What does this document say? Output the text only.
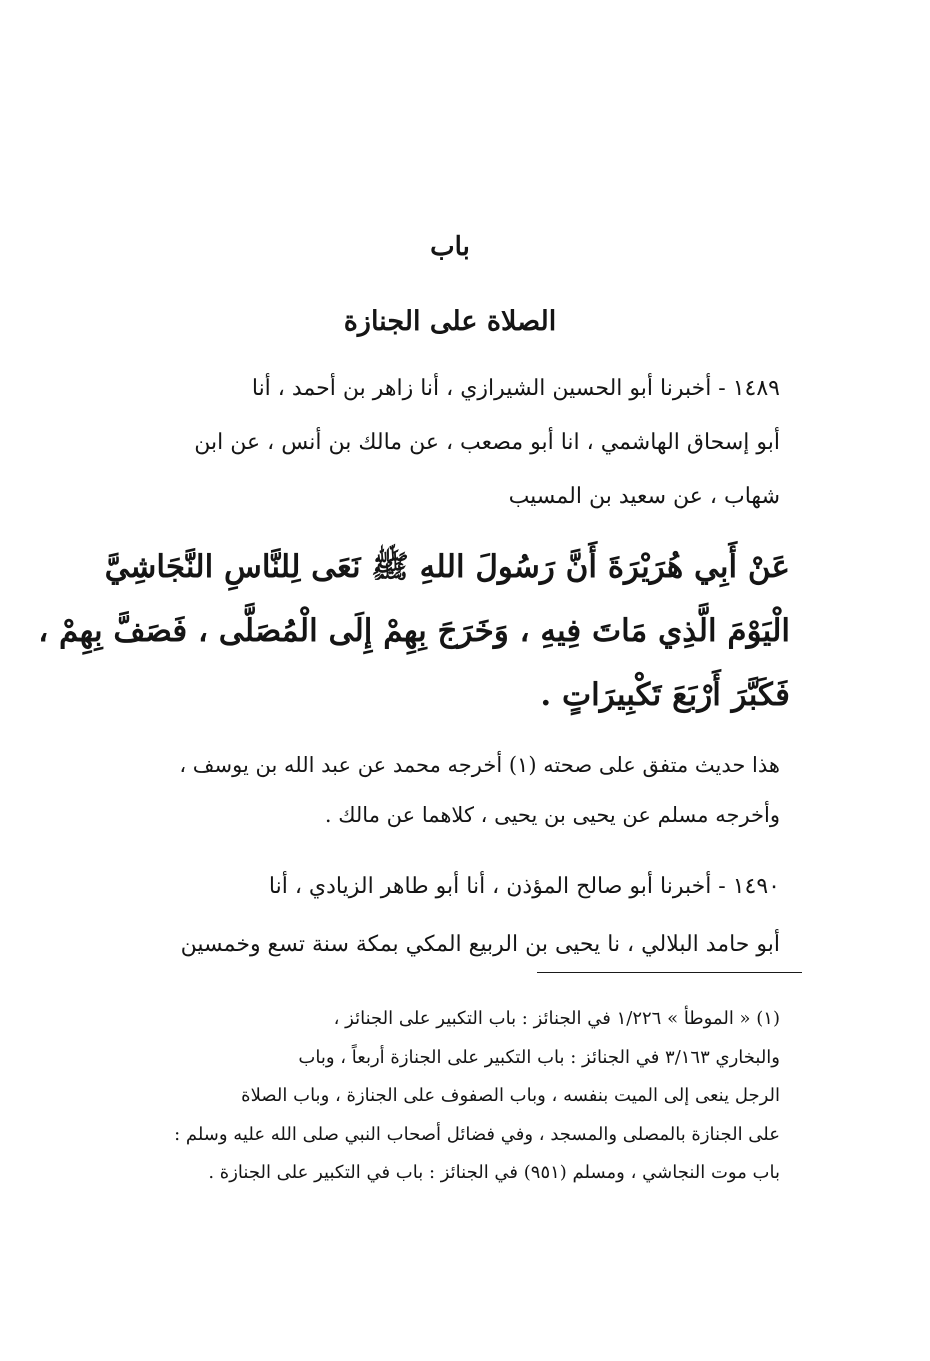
باب
الصلاة على الجنازة
١٤٨٩ - أخبرنا أبو الحسين الشيرازي ، أنا زاهر بن أحمد ، أنا
أبو إسحاق الهاشمي ، انا أبو مصعب ، عن مالك بن أنس ، عن ابن
شهاب ، عن سعيد بن المسيب
عَنْ أَبِي هُرَيْرَةَ أَنَّ رَسُولَ اللهِ ﷺ نَعَى لِلنَّاسِ النَّجَاشِيَّ
الْيَوْمَ الَّذِي مَاتَ فِيهِ ، وَخَرَجَ بِهِمْ إِلَى الْمُصَلَّى ، فَصَفَّ بِهِمْ ،
فَكَبَّرَ أَرْبَعَ تَكْبِيرَاتٍ .
هذا حديث متفق على صحته (١) أخرجه محمد عن عبد الله بن يوسف ،
وأخرجه مسلم عن يحيى بن يحيى ، كلاهما عن مالك .
١٤٩٠ - أخبرنا أبو صالح المؤذن ، أنا أبو طاهر الزيادي ، أنا
أبو حامد البلالي ، نا يحيى بن الربيع المكي بمكة سنة تسع وخمسين
(١) « الموطأ » ١/٢٢٦ في الجنائز : باب التكبير على الجنائز ،
والبخاري ٣/١٦٣ في الجنائز : باب التكبير على الجنازة أربعاً ، وباب
الرجل ينعى إلى الميت بنفسه ، وباب الصفوف على الجنازة ، وباب الصلاة
على الجنازة بالمصلى والمسجد ، وفي فضائل أصحاب النبي صلى الله عليه وسلم :
باب موت النجاشي ، ومسلم (٩٥١) في الجنائز : باب في التكبير على الجنازة .
